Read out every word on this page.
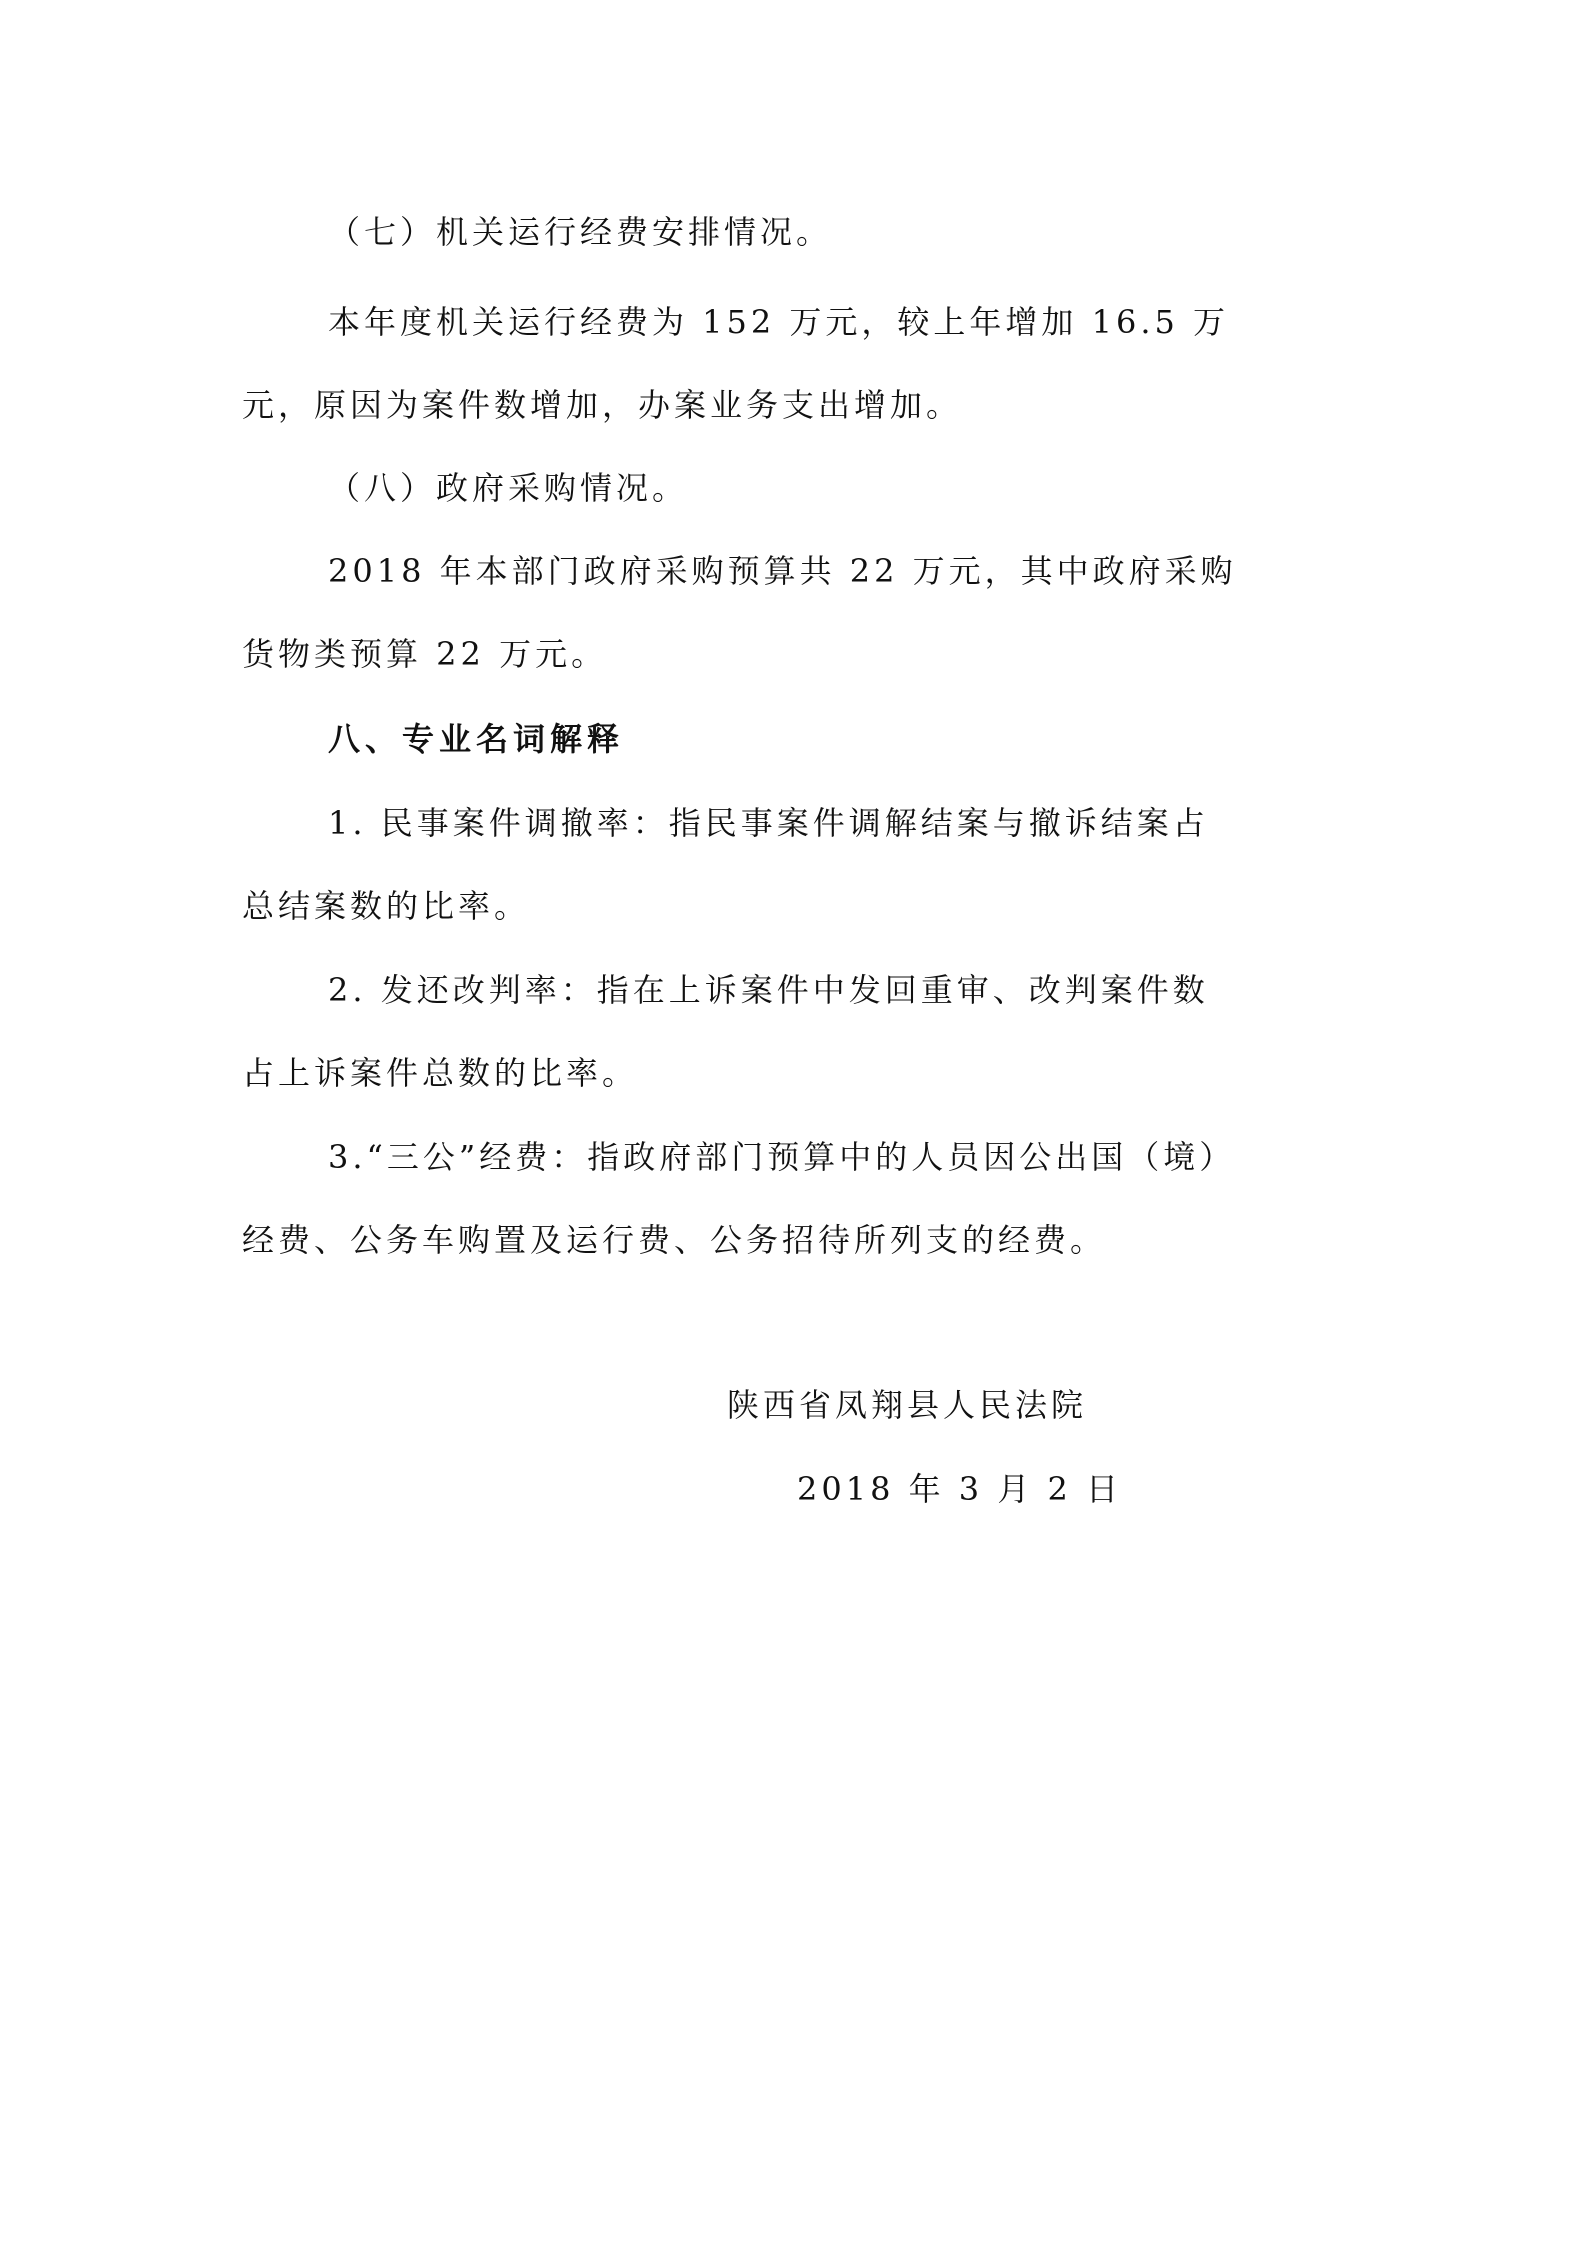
（七）机关运行经费安排情况。
本年度机关运行经费为 152 万元，较上年增加 16.5 万
元，原因为案件数增加，办案业务支出增加。
（八）政府采购情况。
2018 年本部门政府采购预算共 22 万元，其中政府采购
货物类预算 22 万元。
八、专业名词解释
1. 民事案件调撤率：指民事案件调解结案与撤诉结案占
总结案数的比率。
2. 发还改判率：指在上诉案件中发回重审、改判案件数
占上诉案件总数的比率。
3.“三公”经费：指政府部门预算中的人员因公出国（境）
经费、公务车购置及运行费、公务招待所列支的经费。
陕西省凤翔县人民法院
2018 年 3 月 2 日
